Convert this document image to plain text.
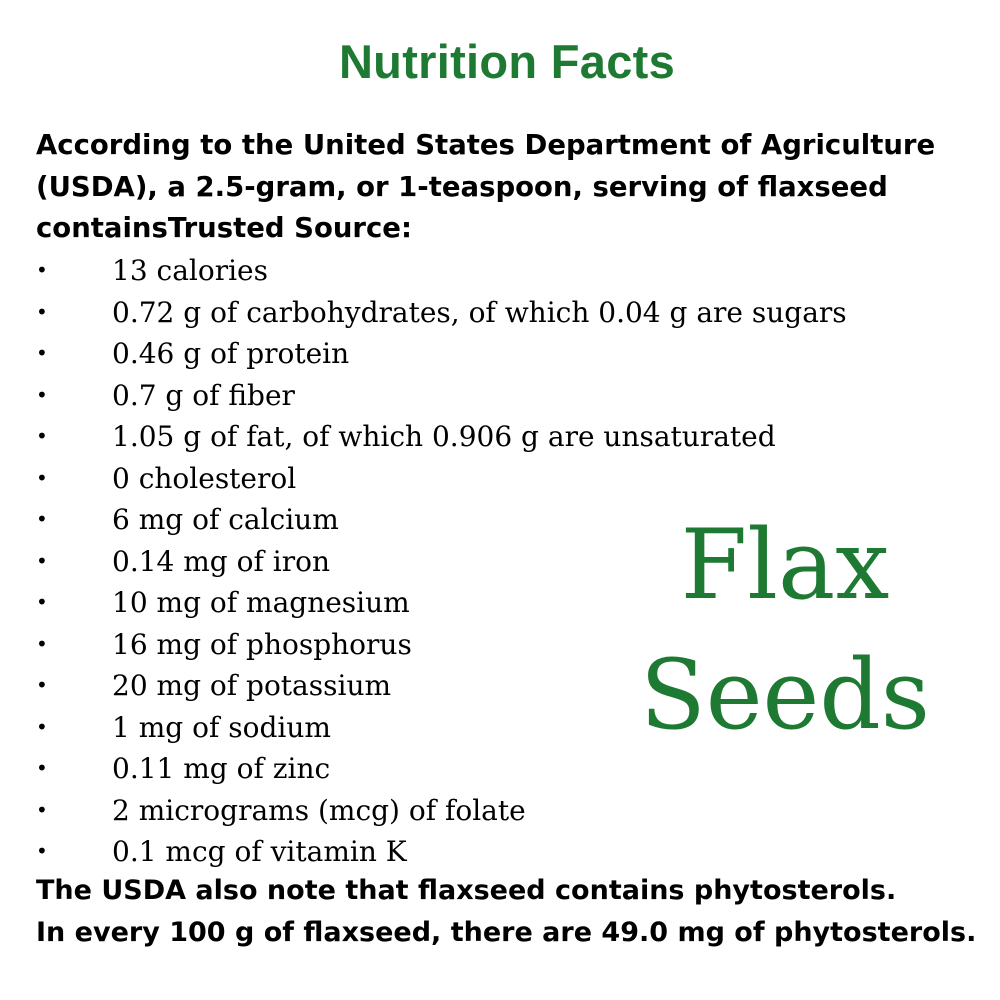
Nutrition Facts
According to the United States Department of Agriculture
(USDA), a 2.5-gram, or 1-teaspoon, serving of flaxseed
containsTrusted Source:
•	13 calories
•	0.72 g of carbohydrates, of which 0.04 g are sugars
•	0.46 g of protein
•	0.7 g of fiber
•	1.05 g of fat, of which 0.906 g are unsaturated
•	0 cholesterol
•	6 mg of calcium
•	0.14 mg of iron
•	10 mg of magnesium
•	16 mg of phosphorus
•	20 mg of potassium
•	1 mg of sodium
•	0.11 mg of zinc
•	2 micrograms (mcg) of folate
•	0.1 mcg of vitamin K
Flax
Seeds
The USDA also note that flaxseed contains phytosterols.
In every 100 g of flaxseed, there are 49.0 mg of phytosterols.
